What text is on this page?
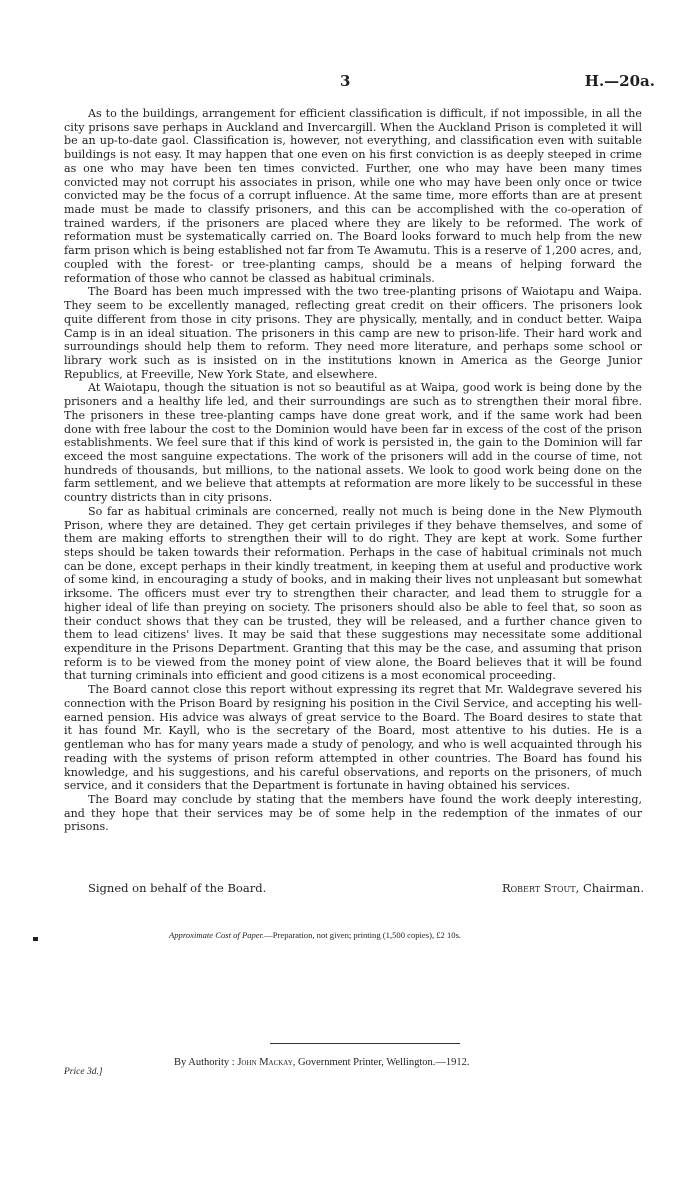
3	H.—20a.

As to the buildings, arrangement for efficient classification is difficult, if not impossible, in all the city prisons save perhaps in Auckland and Invercargill. When the Auckland Prison is completed it will be an up-to-date gaol. Classification is, however, not everything, and classification even with suitable buildings is not easy. It may happen that one even on his first conviction is as deeply steeped in crime as one who may have been ten times convicted. Further, one who may have been many times convicted may not corrupt his associates in prison, while one who may have been only once or twice convicted may be the focus of a corrupt influence. At the same time, more efforts than are at present made must be made to classify prisoners, and this can be accomplished with the co-operation of trained warders, if the prisoners are placed where they are likely to be reformed. The work of reformation must be systematically carried on. The Board looks forward to much help from the new farm prison which is being established not far from Te Awamutu. This is a reserve of 1,200 acres, and, coupled with the forest- or tree-planting camps, should be a means of helping forward the reformation of those who cannot be classed as habitual criminals.

The Board has been much impressed with the two tree-planting prisons of Waiotapu and Waipa. They seem to be excellently managed, reflecting great credit on their officers. The prisoners look quite different from those in city prisons. They are physically, mentally, and in conduct better. Waipa Camp is in an ideal situation. The prisoners in this camp are new to prison-life. Their hard work and surroundings should help them to reform. They need more literature, and perhaps some school or library work such as is insisted on in the institutions known in America as the George Junior Republics, at Freeville, New York State, and elsewhere.

At Waiotapu, though the situation is not so beautiful as at Waipa, good work is being done by the prisoners and a healthy life led, and their surroundings are such as to strengthen their moral fibre. The prisoners in these tree-planting camps have done great work, and if the same work had been done with free labour the cost to the Dominion would have been far in excess of the cost of the prison establishments. We feel sure that if this kind of work is persisted in, the gain to the Dominion will far exceed the most sanguine expectations. The work of the prisoners will add in the course of time, not hundreds of thousands, but millions, to the national assets. We look to good work being done on the farm settlement, and we believe that attempts at reformation are more likely to be successful in these country districts than in city prisons.

So far as habitual criminals are concerned, really not much is being done in the New Plymouth Prison, where they are detained. They get certain privileges if they behave themselves, and some of them are making efforts to strengthen their will to do right. They are kept at work. Some further steps should be taken towards their reformation. Perhaps in the case of habitual criminals not much can be done, except perhaps in their kindly treatment, in keeping them at useful and productive work of some kind, in encouraging a study of books, and in making their lives not unpleasant but somewhat irksome. The officers must ever try to strengthen their character, and lead them to struggle for a higher ideal of life than preying on society. The prisoners should also be able to feel that, so soon as their conduct shows that they can be trusted, they will be released, and a further chance given to them to lead citizens' lives. It may be said that these suggestions may necessitate some additional expenditure in the Prisons Department. Granting that this may be the case, and assuming that prison reform is to be viewed from the money point of view alone, the Board believes that it will be found that turning criminals into efficient and good citizens is a most economical proceeding.

The Board cannot close this report without expressing its regret that Mr. Waldegrave severed his connection with the Prison Board by resigning his position in the Civil Service, and accepting his well-earned pension. His advice was always of great service to the Board. The Board desires to state that it has found Mr. Kayll, who is the secretary of the Board, most attentive to his duties. He is a gentleman who has for many years made a study of penology, and who is well acquainted through his reading with the systems of prison reform attempted in other countries. The Board has found his knowledge, and his suggestions, and his careful observations, and reports on the prisoners, of much service, and it considers that the Department is fortunate in having obtained his services.

The Board may conclude by stating that the members have found the work deeply interesting, and they hope that their services may be of some help in the redemption of the inmates of our prisons.

Signed on behalf of the Board.	Robert Stout, Chairman.
Approximate Cost of Paper.—Preparation, not given; printing (1,500 copies), £2 10s.
By Authority : John Mackay, Government Printer, Wellington.—1912.
Price 3d.]
